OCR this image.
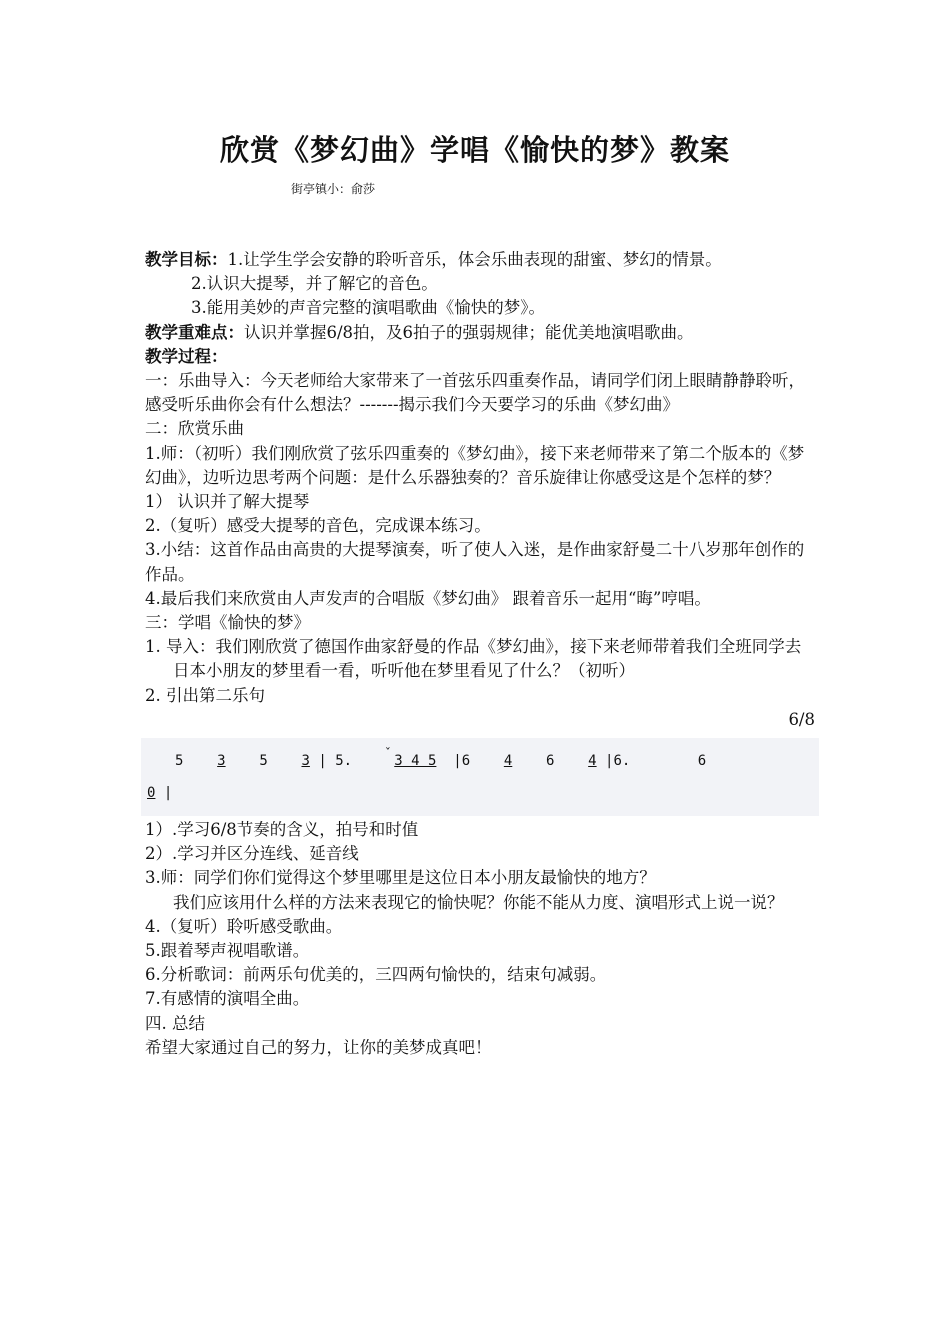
欣赏《梦幻曲》学唱《愉快的梦》教案
街亭镇小：俞莎

教学目标：1.让学生学会安静的聆听音乐，体会乐曲表现的甜蜜、梦幻的情景。

2.认识大提琴，并了解它的音色。

3.能用美妙的声音完整的演唱歌曲《愉快的梦》。

教学重难点：认识并掌握6/8拍，及6拍子的强弱规律；能优美地演唱歌曲。

教学过程：

一：乐曲导入：今天老师给大家带来了一首弦乐四重奏作品，请同学们闭上眼睛静静聆听，感受听乐曲你会有什么想法？-------揭示我们今天要学习的乐曲《梦幻曲》

二：欣赏乐曲

1.师：（初听）我们刚欣赏了弦乐四重奏的《梦幻曲》，接下来老师带来了第二个版本的《梦幻曲》，边听边思考两个问题：是什么乐器独奏的？音乐旋律让你感受这是个怎样的梦？

1） 认识并了解大提琴

2.（复听）感受大提琴的音色，完成课本练习。

3.小结：这首作品由高贵的大提琴演奏，听了使人入迷，是作曲家舒曼二十八岁那年创作的作品。

4.最后我们来欣赏由人声发声的合唱版《梦幻曲》 跟着音乐一起用“晦”哼唱。

三：学唱《愉快的梦》

1. 导入：我们刚欣赏了德国作曲家舒曼的作品《梦幻曲》，接下来老师带着我们全班同学去日本小朋友的梦里看一看，听听他在梦里看见了什么？（初听）

2. 引出第二乐句

6/8

5 3 5 3 | 5.	ˇ 3 4 5 |6 4 6 4 |6.	6
0 |

1）.学习6/8节奏的含义，拍号和时值

2）.学习并区分连线、延音线

3.师：同学们你们觉得这个梦里哪里是这位日本小朋友最愉快的地方？

我们应该用什么样的方法来表现它的愉快呢？你能不能从力度、演唱形式上说一说？

4.（复听）聆听感受歌曲。

5.跟着琴声视唱歌谱。

6.分析歌词：前两乐句优美的，三四两句愉快的，结束句减弱。

7.有感情的演唱全曲。

四. 总结

希望大家通过自己的努力，让你的美梦成真吧！
